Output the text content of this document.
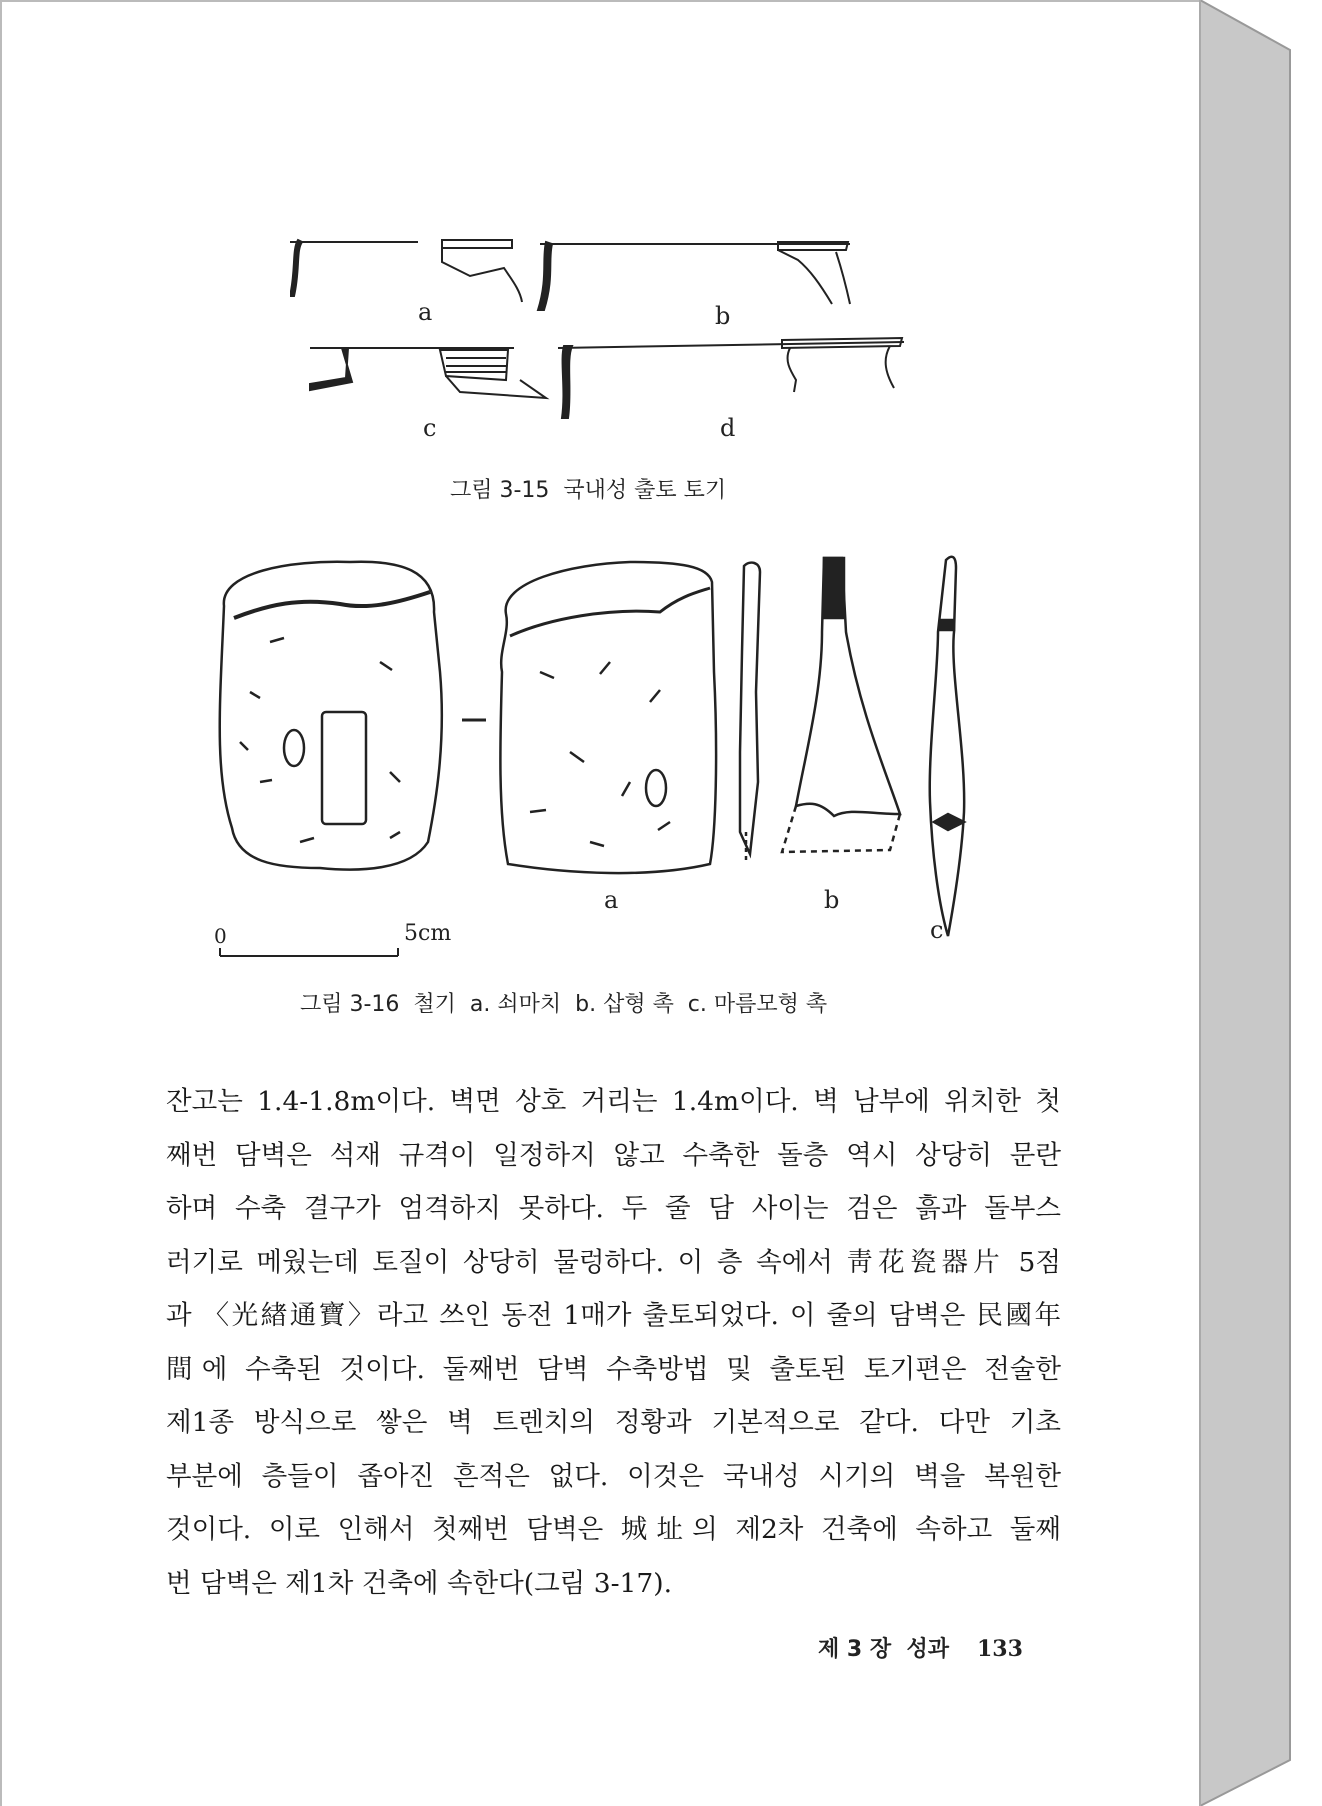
a	b
c	d
그림 3-15  국내성 출토 토기
0	5cm
a	b
c
그림 3-16  철기  a. 쇠마치  b. 삽형 촉  c. 마름모형 촉

잔고는 1.4-1.8m이다. 벽면 상호 거리는 1.4m이다. 벽 남부에 위치한 첫

째번 담벽은 석재 규격이 일정하지 않고 수축한 돌층 역시 상당히 문란

하며 수축 결구가 엄격하지 못하다. 두 줄 담 사이는 검은 흙과 돌부스

러기로 메웠는데 토질이 상당히 물렁하다. 이 층 속에서 靑花瓷器片 5점

과 〈光緖通寶〉라고 쓰인 동전 1매가 출토되었다. 이 줄의 담벽은 民國年

間에 수축된 것이다. 둘째번 담벽 수축방법 및 출토된 토기편은 전술한

제1종 방식으로 쌓은 벽 트렌치의 정황과 기본적으로 같다. 다만 기초

부분에 층들이 좁아진 흔적은 없다. 이것은 국내성 시기의 벽을 복원한

것이다. 이로 인해서 첫째번 담벽은 城址의 제2차 건축에 속하고 둘째

번 담벽은 제1차 건축에 속한다(그림 3-17).

제 3 장  성과 133
